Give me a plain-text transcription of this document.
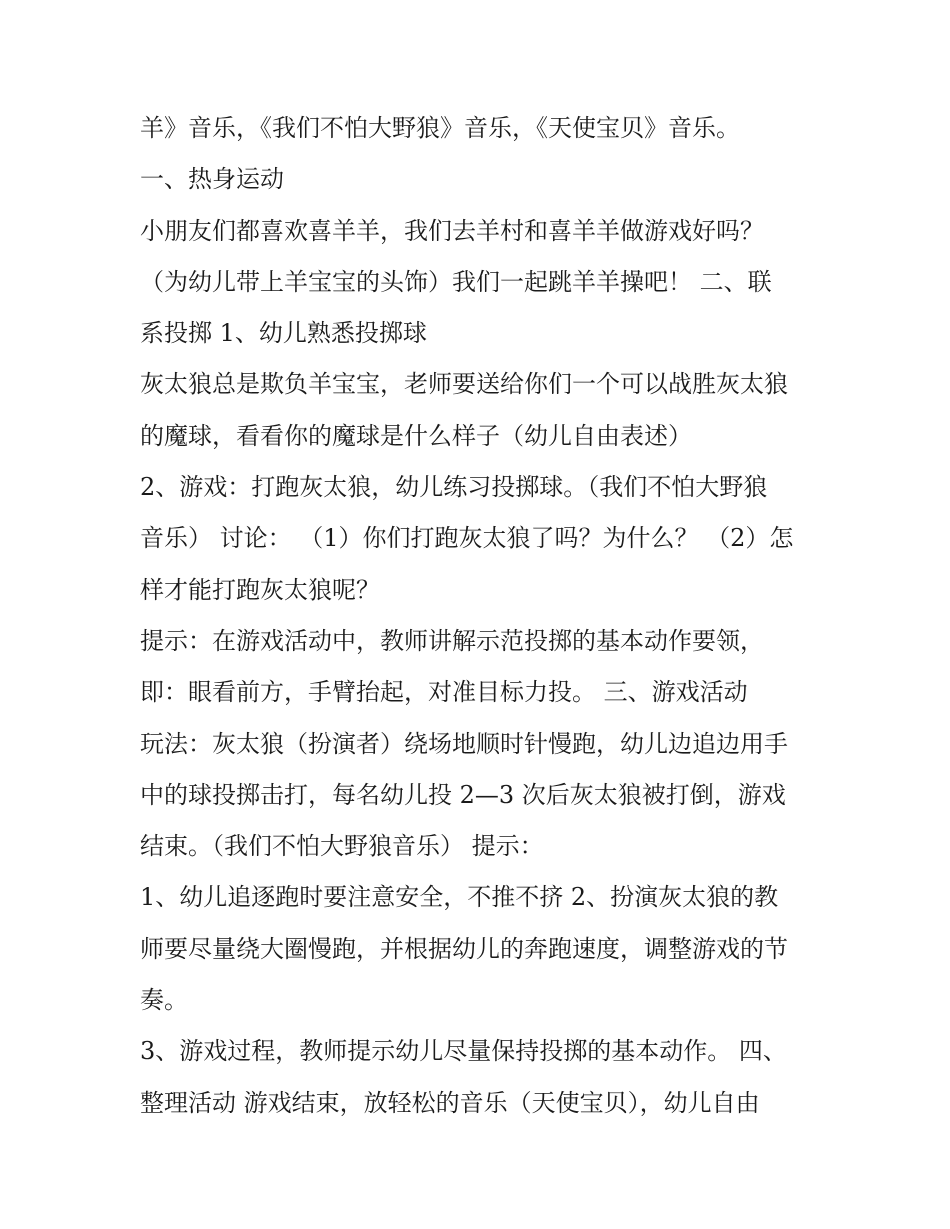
羊》音乐，《我们不怕大野狼》音乐，《天使宝贝》音乐。
一、热身运动
小朋友们都喜欢喜羊羊，我们去羊村和喜羊羊做游戏好吗？
（为幼儿带上羊宝宝的头饰）我们一起跳羊羊操吧！ 二、联
系投掷 1、幼儿熟悉投掷球
灰太狼总是欺负羊宝宝，老师要送给你们一个可以战胜灰太狼
的魔球，看看你的魔球是什么样子（幼儿自由表述）
2、游戏：打跑灰太狼，幼儿练习投掷球。（我们不怕大野狼
音乐） 讨论： （1）你们打跑灰太狼了吗？为什么？ （2）怎
样才能打跑灰太狼呢？
提示：在游戏活动中，教师讲解示范投掷的基本动作要领，
即：眼看前方，手臂抬起，对准目标力投。 三、游戏活动
玩法：灰太狼（扮演者）绕场地顺时针慢跑，幼儿边追边用手
中的球投掷击打，每名幼儿投 2—3 次后灰太狼被打倒，游戏
结束。（我们不怕大野狼音乐） 提示：
1、幼儿追逐跑时要注意安全，不推不挤 2、扮演灰太狼的教
师要尽量绕大圈慢跑，并根据幼儿的奔跑速度，调整游戏的节
奏。
3、游戏过程，教师提示幼儿尽量保持投掷的基本动作。 四、
整理活动 游戏结束，放轻松的音乐（天使宝贝），幼儿自由
